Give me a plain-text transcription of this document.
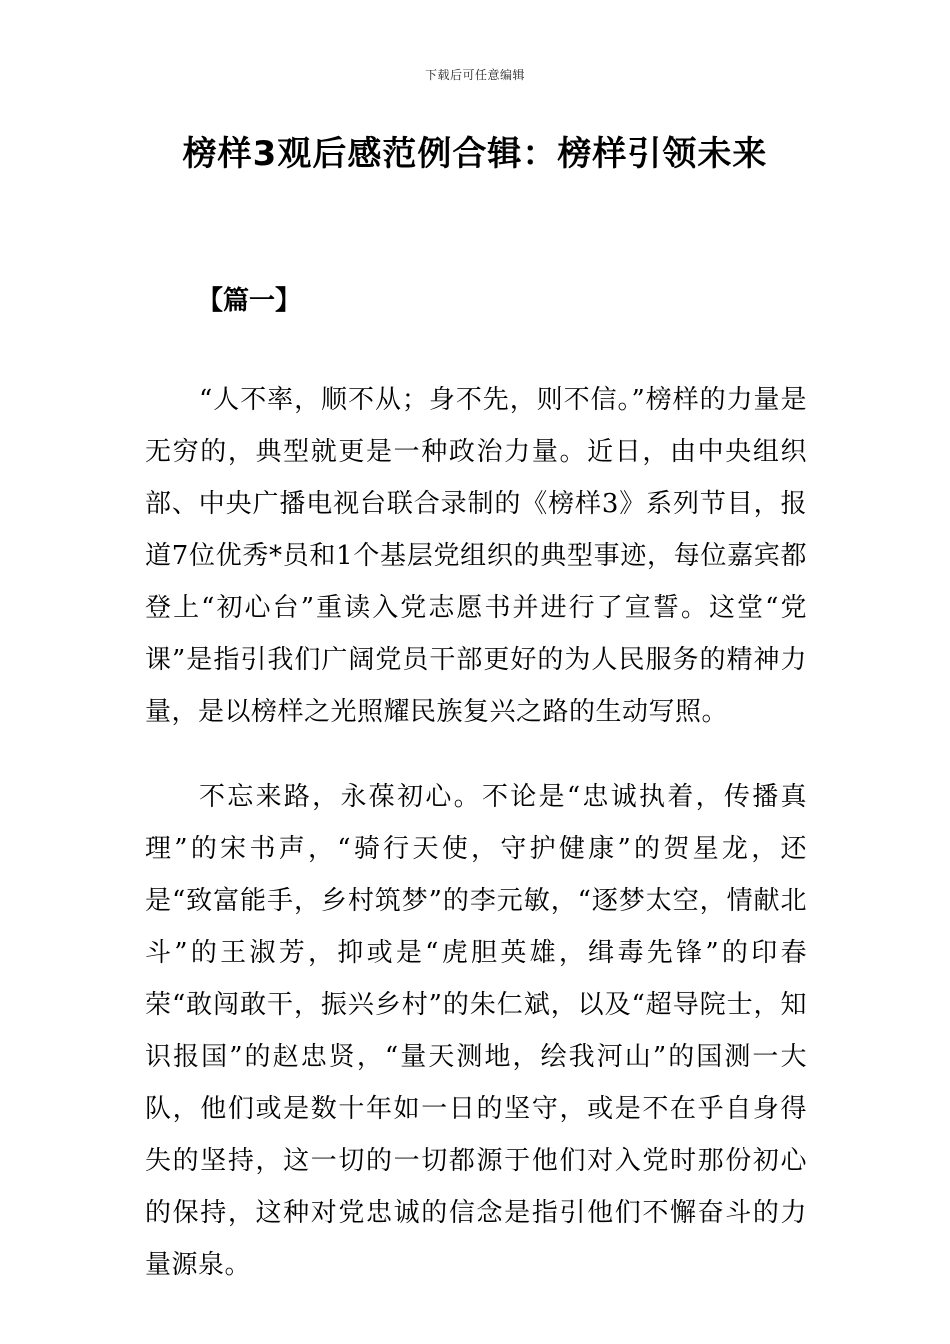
下载后可任意编辑
榜样3观后感范例合辑：榜样引领未来
【篇一】

“人不率，顺不从；身不先，则不信。”榜样的力量是无穷的，典型就更是一种政治力量。近日，由中央组织部、中央广播电视台联合录制的《榜样3》系列节目，报道7位优秀*员和1个基层党组织的典型事迹，每位嘉宾都登上“初心台”重读入党志愿书并进行了宣誓。这堂“党课”是指引我们广阔党员干部更好的为人民服务的精神力量，是以榜样之光照耀民族复兴之路的生动写照。

不忘来路，永葆初心。不论是“忠诚执着，传播真理”的宋书声，“骑行天使，守护健康”的贺星龙，还是“致富能手，乡村筑梦”的李元敏，“逐梦太空，情献北斗”的王淑芳，抑或是“虎胆英雄，缉毒先锋”的印春荣“敢闯敢干，振兴乡村”的朱仁斌，以及“超导院士，知识报国”的赵忠贤，“量天测地，绘我河山”的国测一大队，他们或是数十年如一日的坚守，或是不在乎自身得失的坚持，这一切的一切都源于他们对入党时那份初心的保持，这种对党忠诚的信念是指引他们不懈奋斗的力量源泉。
